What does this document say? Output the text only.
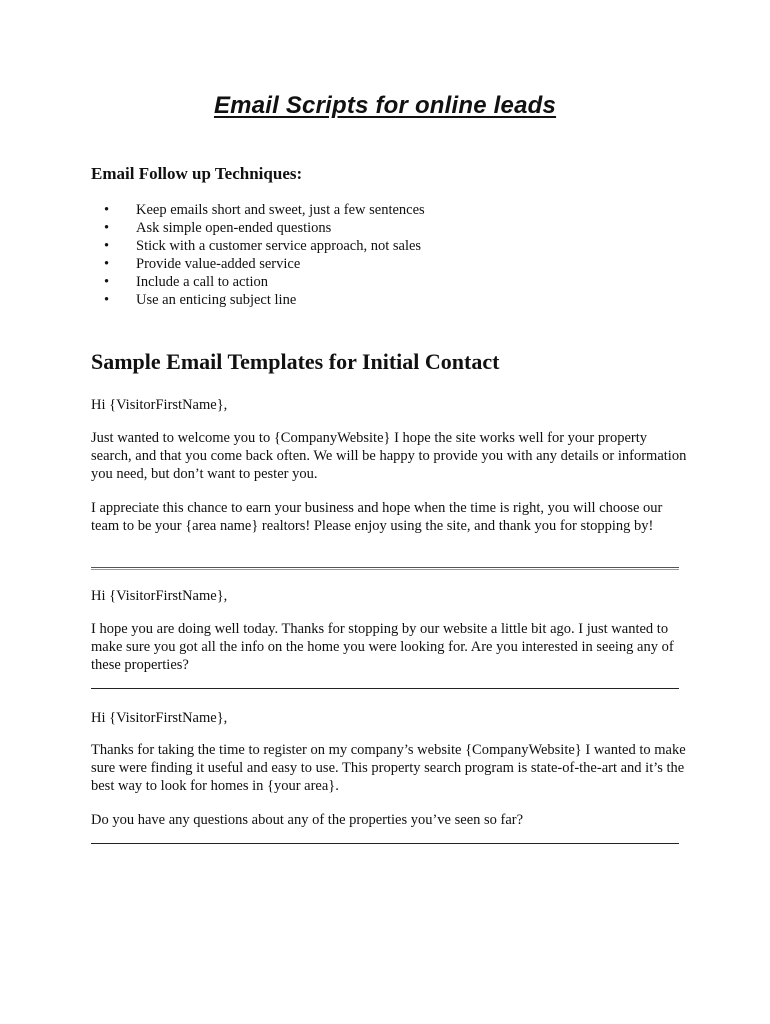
Email Scripts for online leads
Email Follow up Techniques:
• Keep emails short and sweet, just a few sentences
• Ask simple open-ended questions
• Stick with a customer service approach, not sales
• Provide value-added service
• Include a call to action
• Use an enticing subject line
Sample Email Templates for Initial Contact

Hi {VisitorFirstName},

Just wanted to welcome you to {CompanyWebsite} I hope the site works well for your property search, and that you come back often. We will be happy to provide you with any details or information you need, but don’t want to pester you.

I appreciate this chance to earn your business and hope when the time is right, you will choose our team to be your {area name} realtors! Please enjoy using the site, and thank you for stopping by!

Hi {VisitorFirstName},

I hope you are doing well today. Thanks for stopping by our website a little bit ago. I just wanted to make sure you got all the info on the home you were looking for. Are you interested in seeing any of these properties?

Hi {VisitorFirstName},

Thanks for taking the time to register on my company’s website {CompanyWebsite} I wanted to make sure were finding it useful and easy to use. This property search program is state-of-the-art and it’s the best way to look for homes in {your area}.

Do you have any questions about any of the properties you’ve seen so far?
